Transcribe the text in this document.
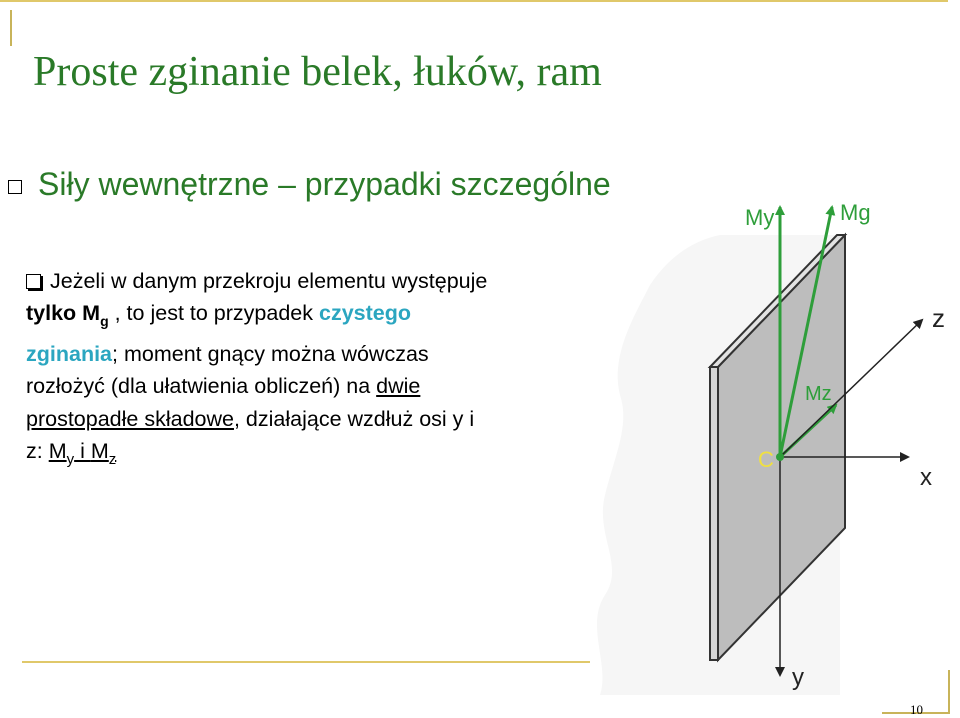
Proste zginanie belek, łuków, ram
Siły wewnętrzne – przypadki szczególne
Jeżeli w danym przekroju elementu występuje tylko $M_g$ , to jest to przypadek czystego zginania; moment gnący można wówczas rozłożyć (dla ułatwienia obliczeń) na dwie prostopadłe składowe, działające wzdłuż osi y i z: $M_y$ i $M_z$
My	Mg
Mz
z
x
y
C
10
